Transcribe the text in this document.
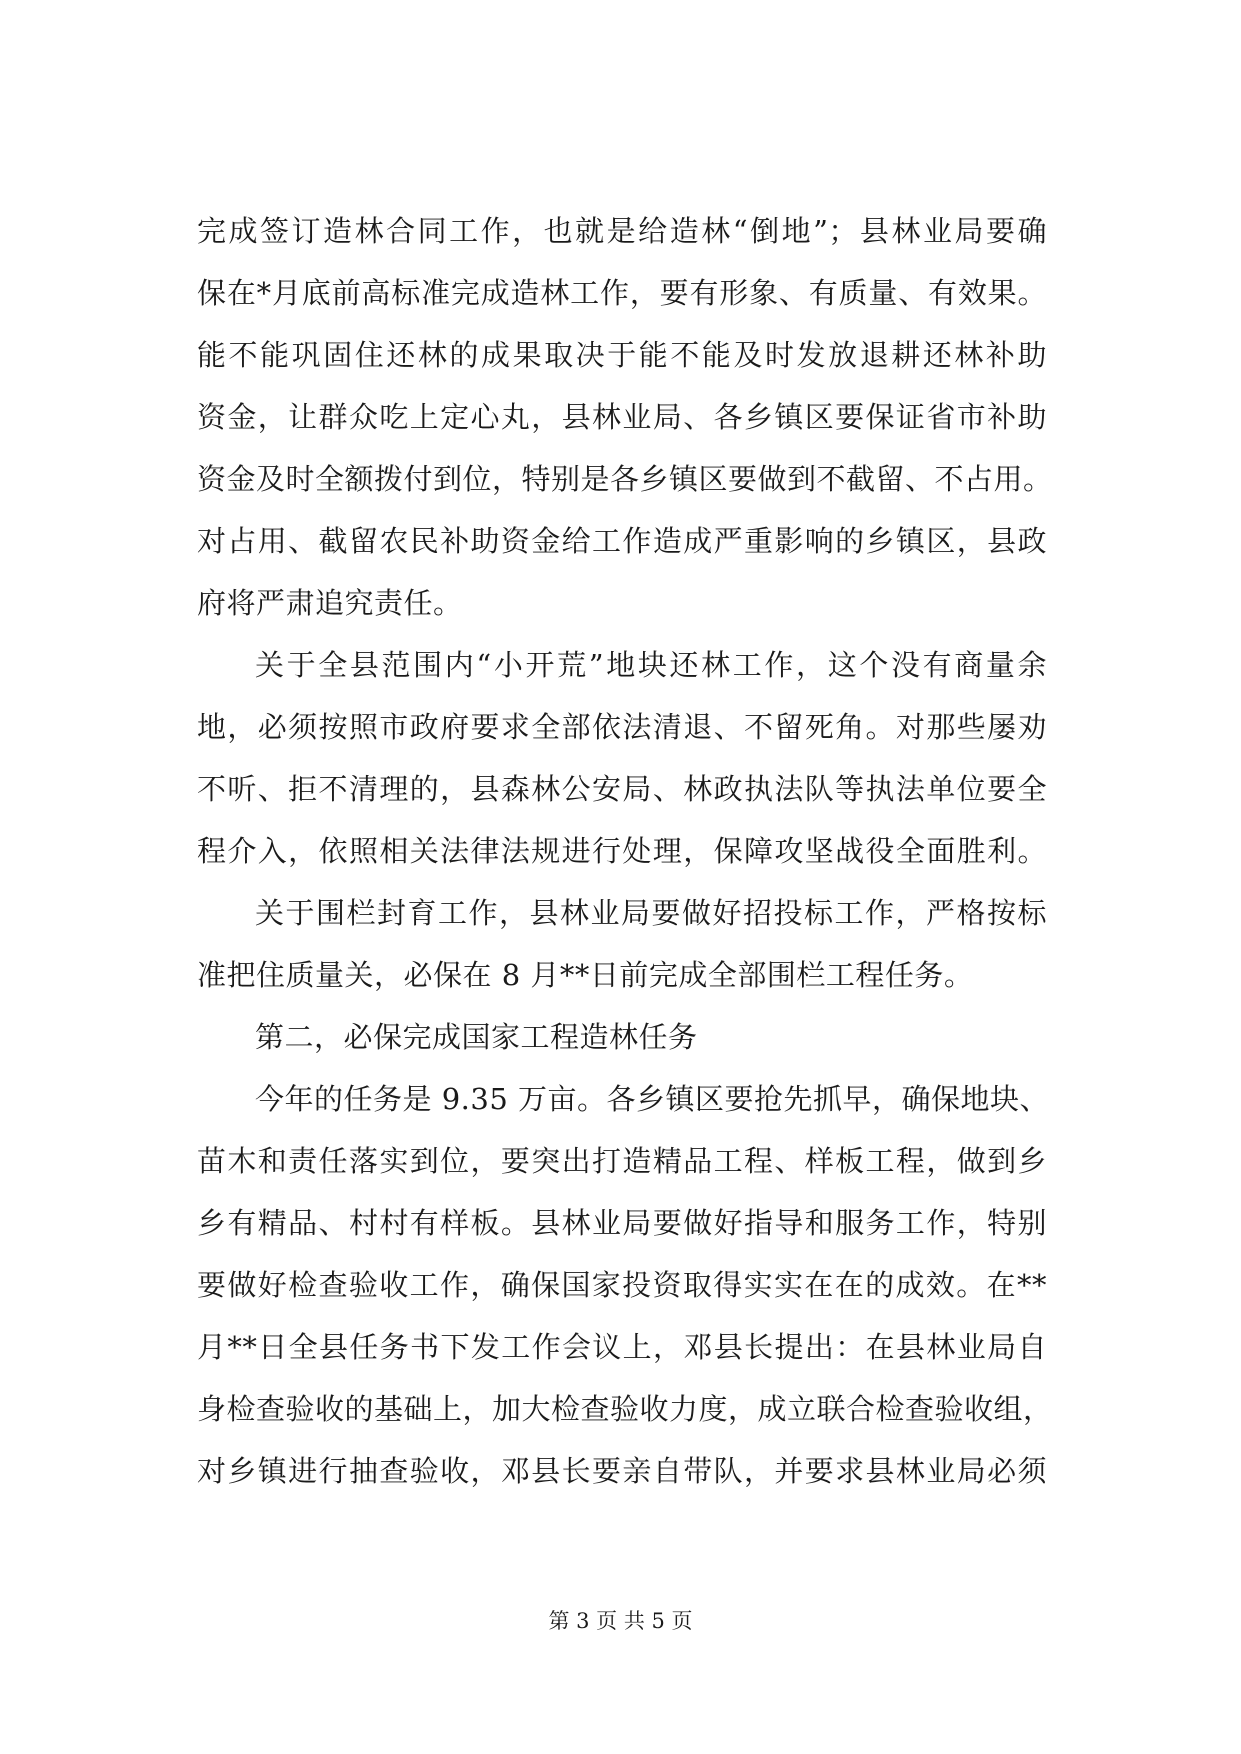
完成签订造林合同工作，也就是给造林“倒地”；县林业局要确
保在*月底前高标准完成造林工作，要有形象、有质量、有效果。
能不能巩固住还林的成果取决于能不能及时发放退耕还林补助
资金，让群众吃上定心丸，县林业局、各乡镇区要保证省市补助
资金及时全额拨付到位，特别是各乡镇区要做到不截留、不占用。
对占用、截留农民补助资金给工作造成严重影响的乡镇区，县政
府将严肃追究责任。
关于全县范围内“小开荒”地块还林工作，这个没有商量余
地，必须按照市政府要求全部依法清退、不留死角。对那些屡劝
不听、拒不清理的，县森林公安局、林政执法队等执法单位要全
程介入，依照相关法律法规进行处理，保障攻坚战役全面胜利。
关于围栏封育工作，县林业局要做好招投标工作，严格按标
准把住质量关，必保在 8 月**日前完成全部围栏工程任务。
第二，必保完成国家工程造林任务
今年的任务是 9.35 万亩。各乡镇区要抢先抓早，确保地块、
苗木和责任落实到位，要突出打造精品工程、样板工程，做到乡
乡有精品、村村有样板。县林业局要做好指导和服务工作，特别
要做好检查验收工作，确保国家投资取得实实在在的成效。在**
月**日全县任务书下发工作会议上，邓县长提出：在县林业局自
身检查验收的基础上，加大检查验收力度，成立联合检查验收组，
对乡镇进行抽查验收，邓县长要亲自带队，并要求县林业局必须
第 3 页 共 5 页
